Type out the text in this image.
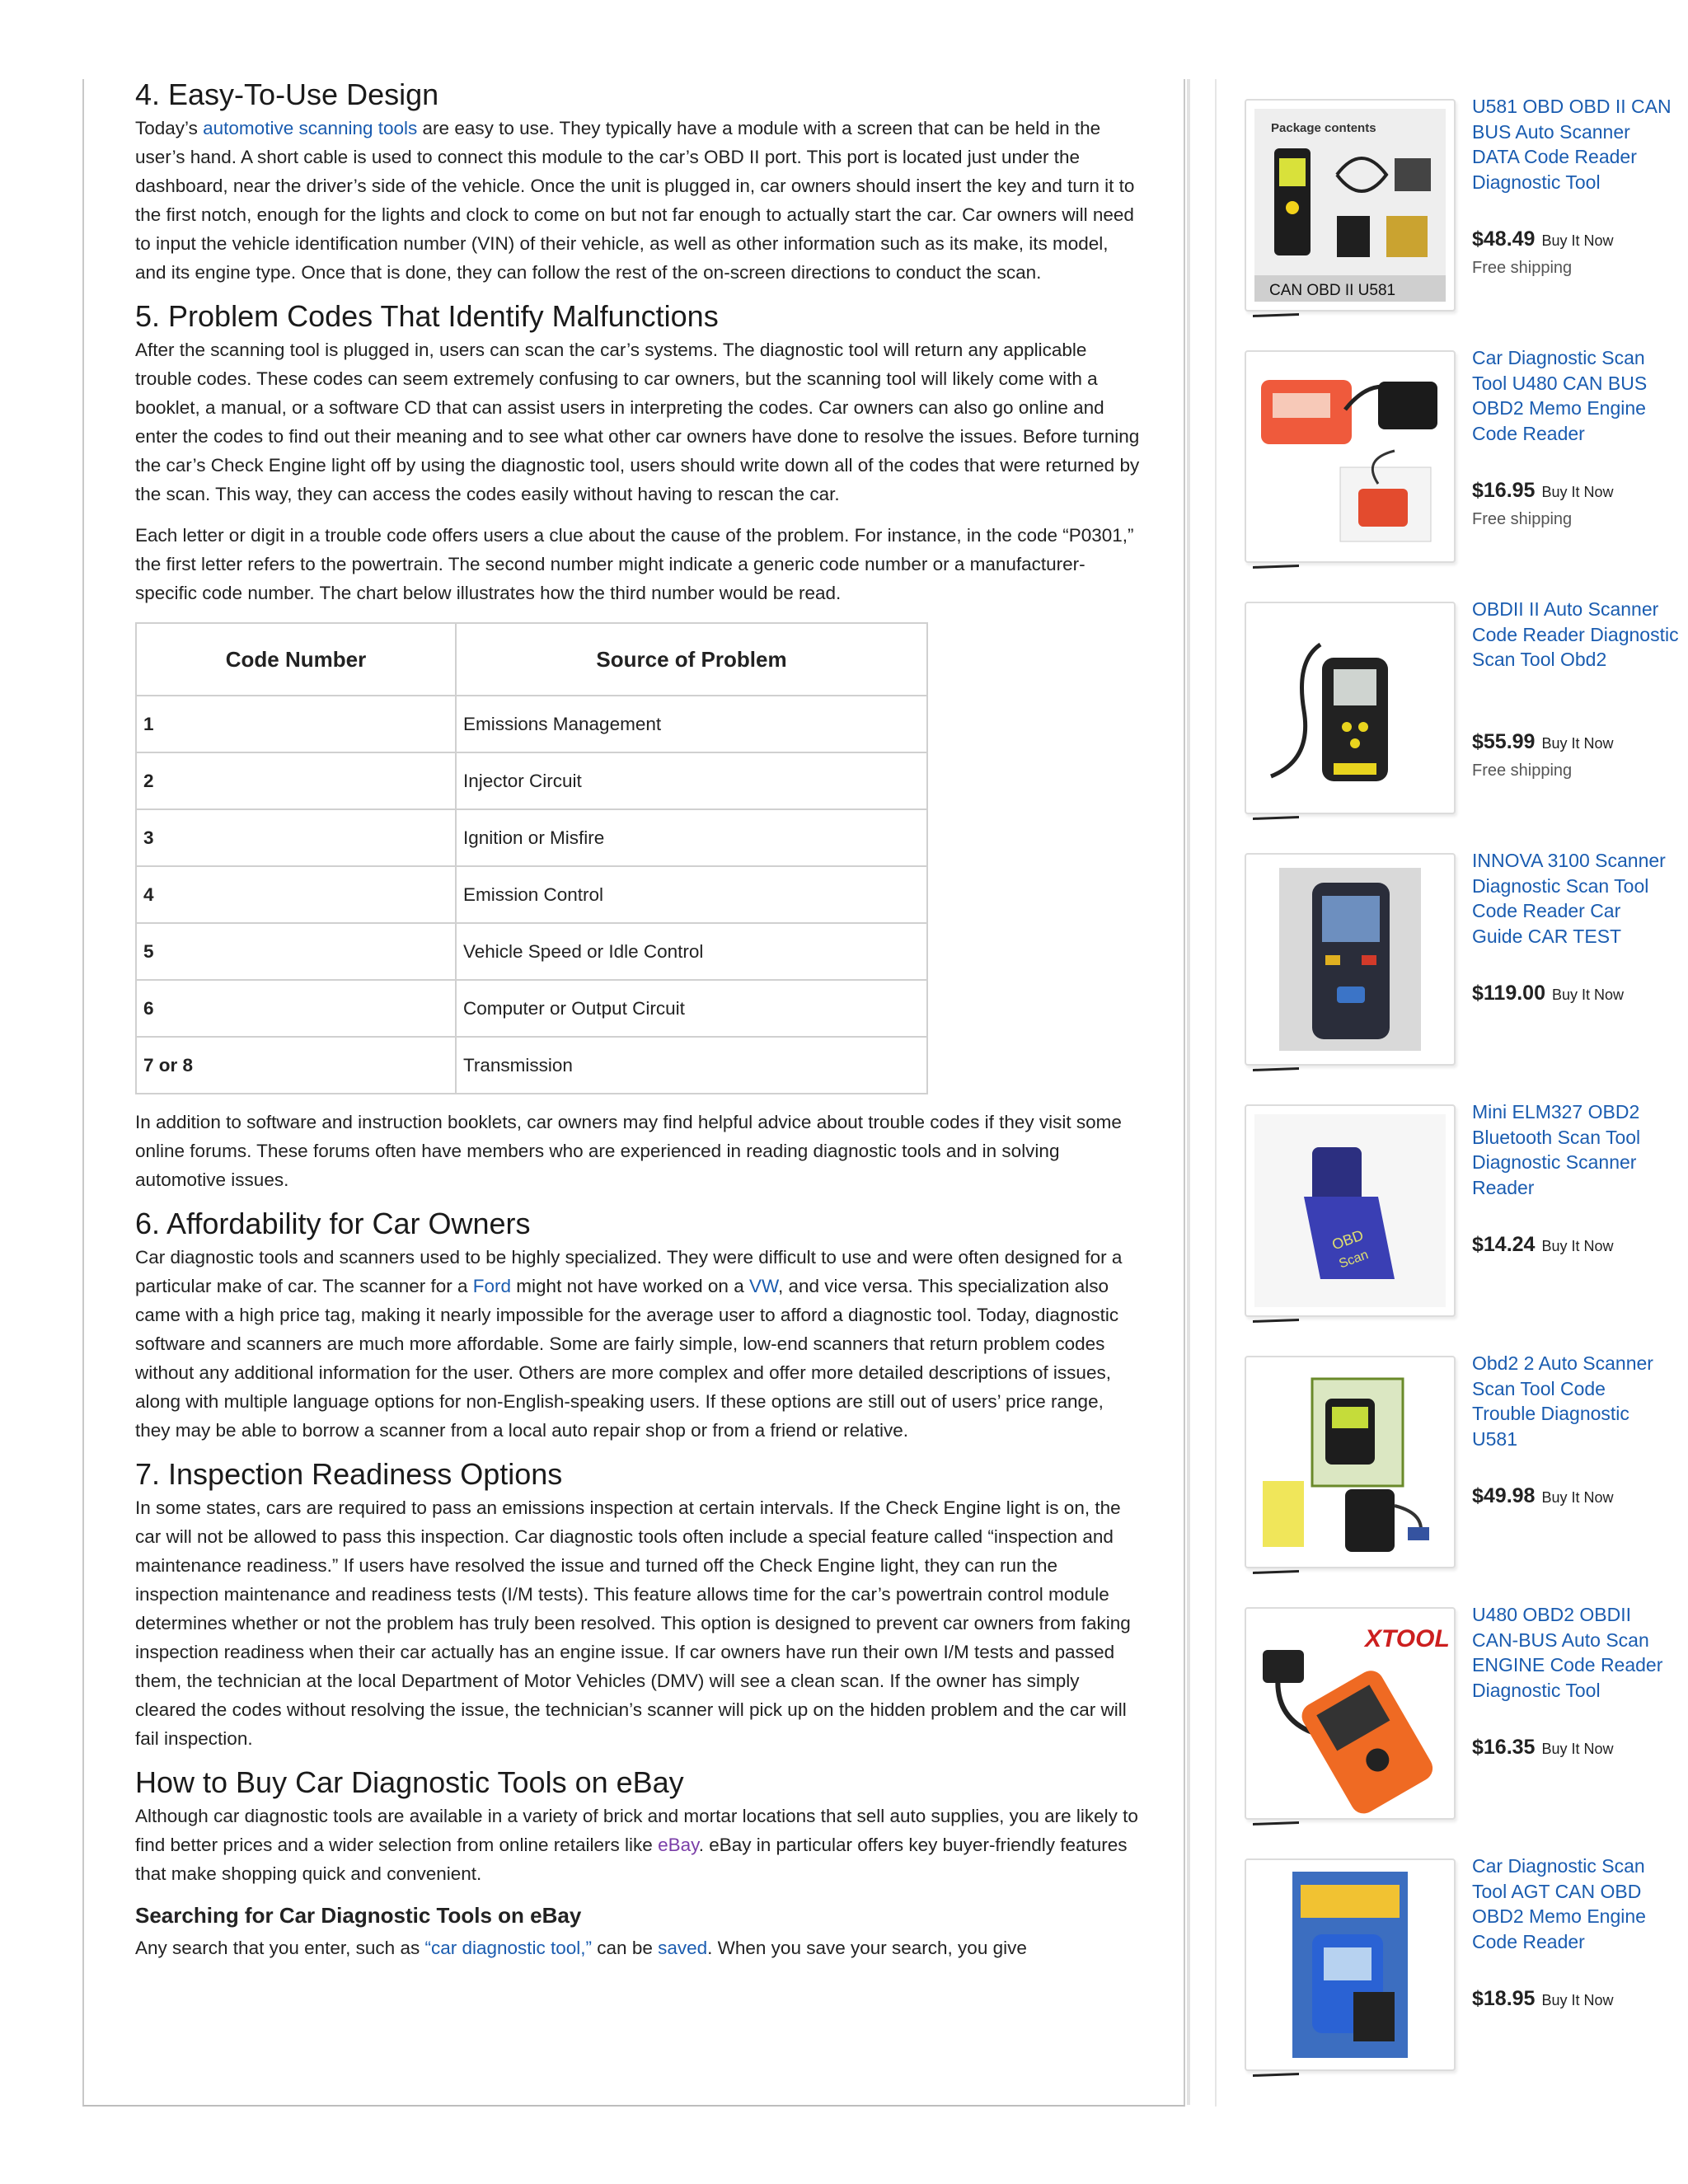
4. Easy-To-Use Design

Today’s automotive scanning tools are easy to use. They typically have a module with a screen that can be held in the user’s hand. A short cable is used to connect this module to the car’s OBD II port. This port is located just under the dashboard, near the driver’s side of the vehicle. Once the unit is plugged in, car owners should insert the key and turn it to the first notch, enough for the lights and clock to come on but not far enough to actually start the car. Car owners will need to input the vehicle identification number (VIN) of their vehicle, as well as other information such as its make, its model, and its engine type. Once that is done, they can follow the rest of the on-screen directions to conduct the scan.

5. Problem Codes That Identify Malfunctions

After the scanning tool is plugged in, users can scan the car’s systems. The diagnostic tool will return any applicable trouble codes. These codes can seem extremely confusing to car owners, but the scanning tool will likely come with a booklet, a manual, or a software CD that can assist users in interpreting the codes. Car owners can also go online and enter the codes to find out their meaning and to see what other car owners have done to resolve the issues. Before turning the car’s Check Engine light off by using the diagnostic tool, users should write down all of the codes that were returned by the scan. This way, they can access the codes easily without having to rescan the car.

Each letter or digit in a trouble code offers users a clue about the cause of the problem. For instance, in the code “P0301,” the first letter refers to the powertrain. The second number might indicate a generic code number or a manufacturer-specific code number. The chart below illustrates how the third number would be read.

Code Number	Source of Problem
1	Emissions Management
2	Injector Circuit
3	Ignition or Misfire
4	Emission Control
5	Vehicle Speed or Idle Control
6	Computer or Output Circuit
7 or 8	Transmission

In addition to software and instruction booklets, car owners may find helpful advice about trouble codes if they visit some online forums. These forums often have members who are experienced in reading diagnostic tools and in solving automotive issues.

6. Affordability for Car Owners

Car diagnostic tools and scanners used to be highly specialized. They were difficult to use and were often designed for a particular make of car. The scanner for a Ford might not have worked on a VW, and vice versa. This specialization also came with a high price tag, making it nearly impossible for the average user to afford a diagnostic tool. Today, diagnostic software and scanners are much more affordable. Some are fairly simple, low-end scanners that return problem codes without any additional information for the user. Others are more complex and offer more detailed descriptions of issues, along with multiple language options for non-English-speaking users. If these options are still out of users’ price range, they may be able to borrow a scanner from a local auto repair shop or from a friend or relative.

7. Inspection Readiness Options

In some states, cars are required to pass an emissions inspection at certain intervals. If the Check Engine light is on, the car will not be allowed to pass this inspection. Car diagnostic tools often include a special feature called “inspection and maintenance readiness.” If users have resolved the issue and turned off the Check Engine light, they can run the inspection maintenance and readiness tests (I/M tests). This feature allows time for the car’s powertrain control module determines whether or not the problem has truly been resolved. This option is designed to prevent car owners from faking inspection readiness when their car actually has an engine issue. If car owners have run their own I/M tests and passed them, the technician at the local Department of Motor Vehicles (DMV) will see a clean scan. If the owner has simply cleared the codes without resolving the issue, the technician’s scanner will pick up on the hidden problem and the car will fail inspection.

How to Buy Car Diagnostic Tools on eBay

Although car diagnostic tools are available in a variety of brick and mortar locations that sell auto supplies, you are likely to find better prices and a wider selection from online retailers like eBay. eBay in particular offers key buyer-friendly features that make shopping quick and convenient.

Searching for Car Diagnostic Tools on eBay

Any search that you enter, such as “car diagnostic tool,” can be saved. When you save your search, you give

Package contents
CAN OBD II U581
U581 OBD OBD II CAN
BUS Auto Scanner
DATA Code Reader
Diagnostic Tool
$48.49 Buy It Now
Free shipping
Car Diagnostic Scan
Tool U480 CAN BUS
OBD2 Memo Engine
Code Reader
$16.95 Buy It Now
Free shipping
OBDII II Auto Scanner
Code Reader Diagnostic
Scan Tool Obd2
$55.99 Buy It Now
Free shipping
INNOVA 3100 Scanner
Diagnostic Scan Tool
Code Reader Car
Guide CAR TEST
$119.00 Buy It Now
OBD
Scan
Mini ELM327 OBD2
Bluetooth Scan Tool
Diagnostic Scanner
Reader
$14.24 Buy It Now
Obd2 2 Auto Scanner
Scan Tool Code
Trouble Diagnostic
U581
$49.98 Buy It Now
XTOOL
U480 OBD2 OBDII
CAN-BUS Auto Scan
ENGINE Code Reader
Diagnostic Tool
$16.35 Buy It Now
Car Diagnostic Scan
Tool AGT CAN OBD
OBD2 Memo Engine
Code Reader
$18.95 Buy It Now
